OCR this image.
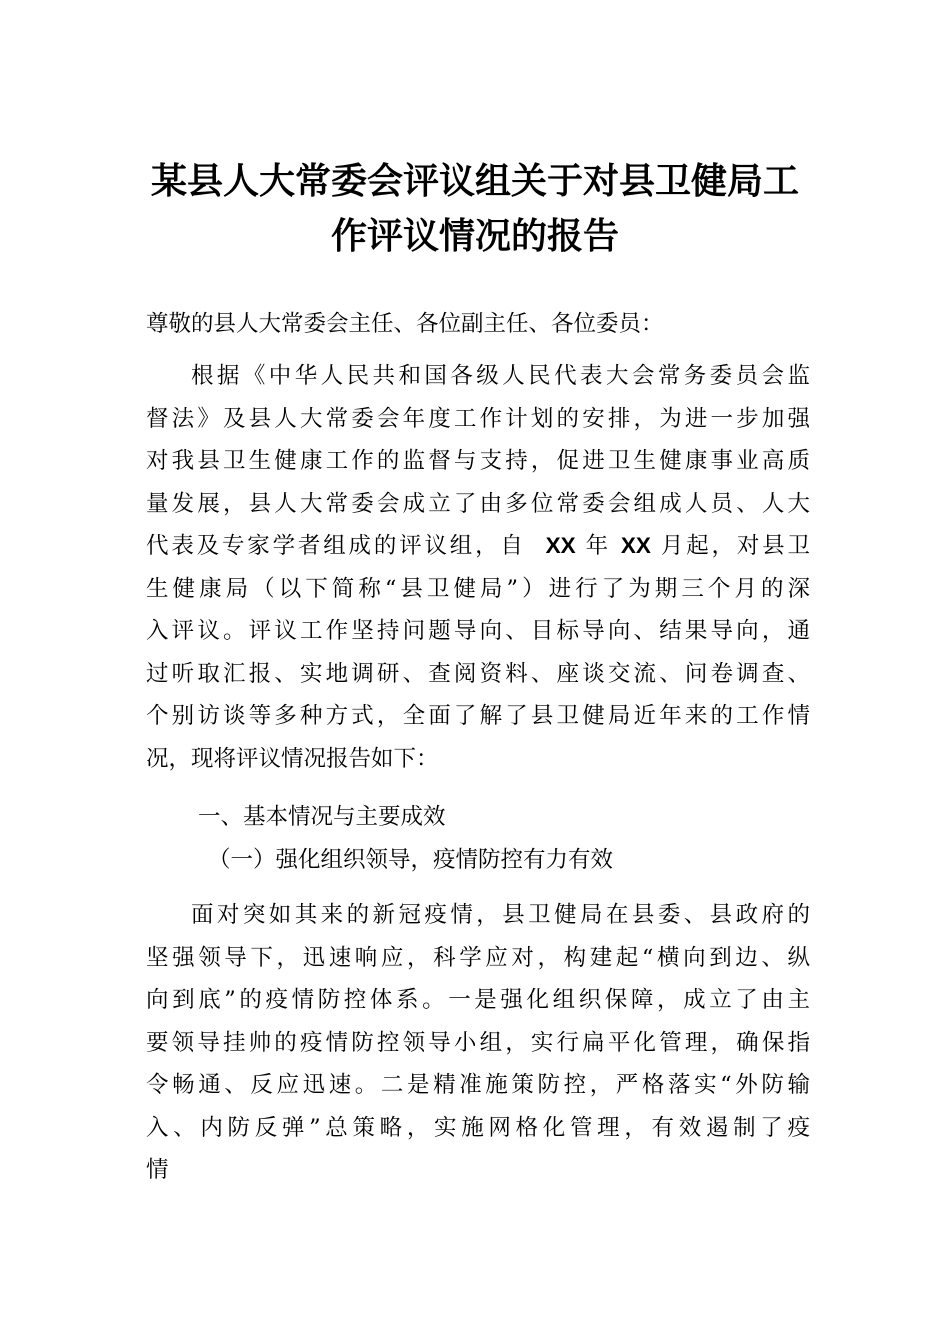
某县人大常委会评议组关于对县卫健局工
作评议情况的报告
尊敬的县人大常委会主任、各位副主任、各位委员：
根据《中华人民共和国各级人民代表大会常务委员会监
督法》及县人大常委会年度工作计划的安排，为进一步加强
对我县卫生健康工作的监督与支持，促进卫生健康事业高质
量发展，县人大常委会成立了由多位常委会组成人员、人大
代表及专家学者组成的评议组，自 XX 年 XX 月起，对县卫
生健康局（以下简称“县卫健局”）进行了为期三个月的深
入评议。评议工作坚持问题导向、目标导向、结果导向，通
过听取汇报、实地调研、查阅资料、座谈交流、问卷调查、
个别访谈等多种方式，全面了解了县卫健局近年来的工作情
况，现将评议情况报告如下：
一、基本情况与主要成效
（一）强化组织领导，疫情防控有力有效
面对突如其来的新冠疫情，县卫健局在县委、县政府的
坚强领导下，迅速响应，科学应对，构建起“横向到边、纵
向到底”的疫情防控体系。一是强化组织保障，成立了由主
要领导挂帅的疫情防控领导小组，实行扁平化管理，确保指
令畅通、反应迅速。二是精准施策防控，严格落实“外防输
入、内防反弹”总策略，实施网格化管理，有效遏制了疫
情
